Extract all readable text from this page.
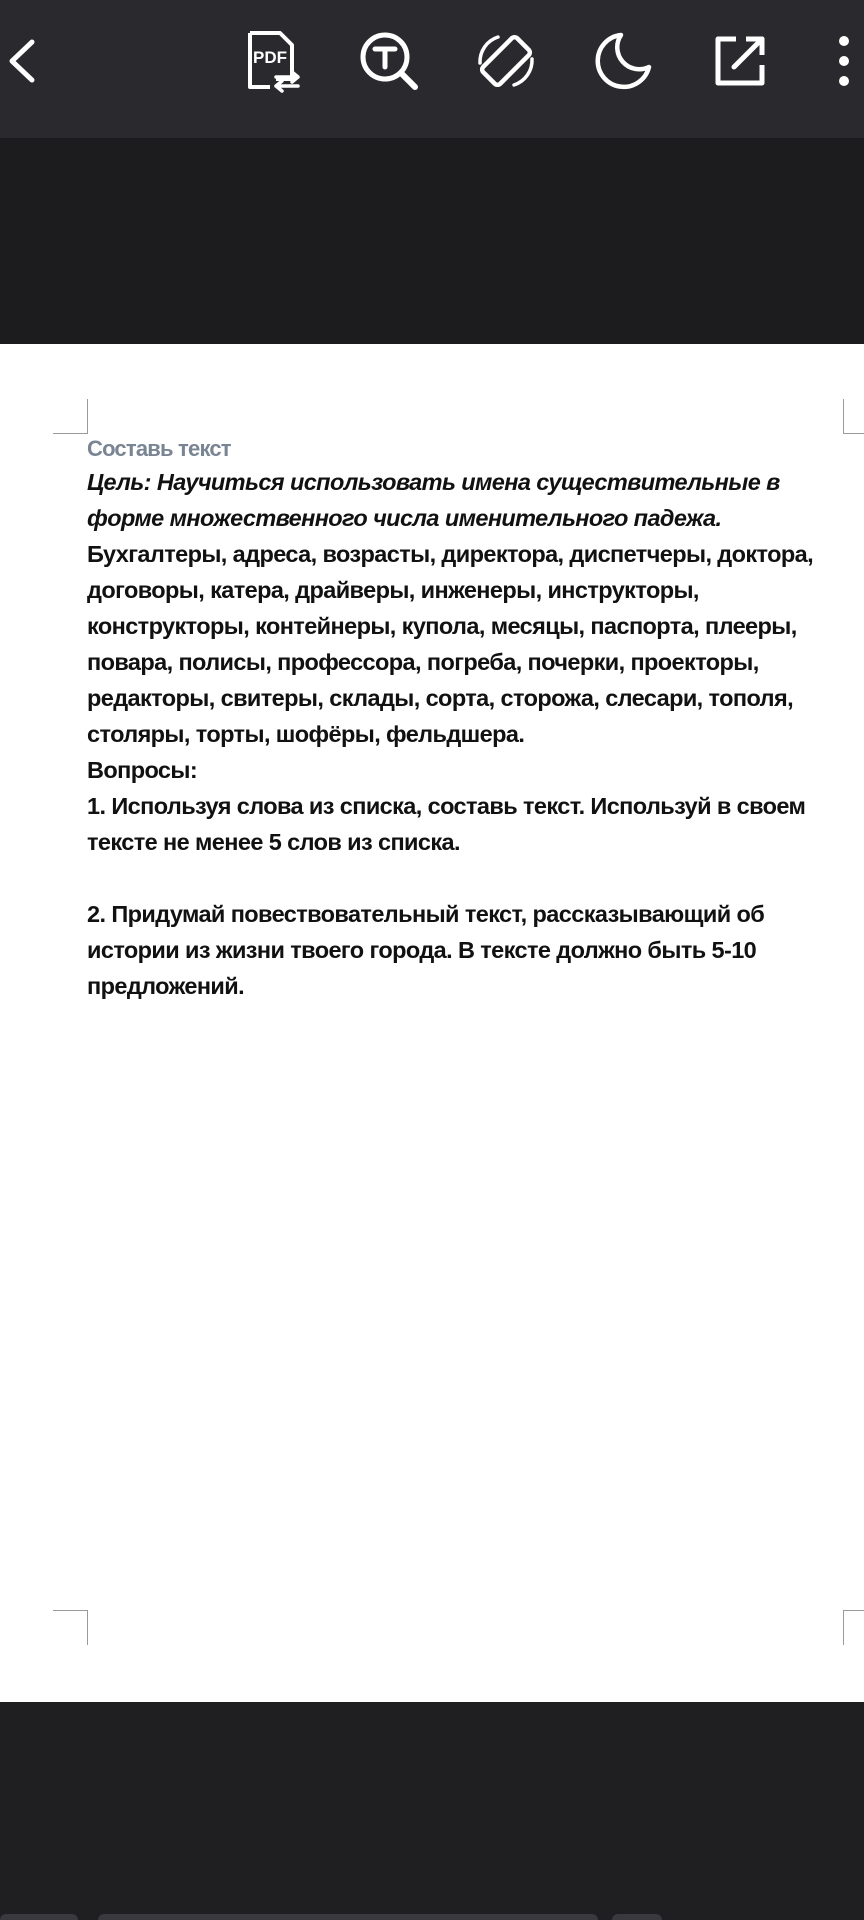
PDF
Составь текст
Цель: Научиться использовать имена существительные в форме множественного числа именительного падежа.
Бухгалтеры, адреса, возрасты, директора, диспетчеры, доктора, договоры, катера, драйверы, инженеры, инструкторы, конструкторы, контейнеры, купола, месяцы, паспорта, плееры, повара, полисы, профессора, погреба, почерки, проекторы, редакторы, свитеры, склады, сорта, сторожа, слесари, тополя,
столяры, торты, шофёры, фельдшера.
Вопросы:
1. Используя слова из списка, составь текст. Используй в своем тексте не менее 5 слов из списка.
2. Придумай повествовательный текст, рассказывающий об истории из жизни твоего города. В тексте должно быть 5-10 предложений.
